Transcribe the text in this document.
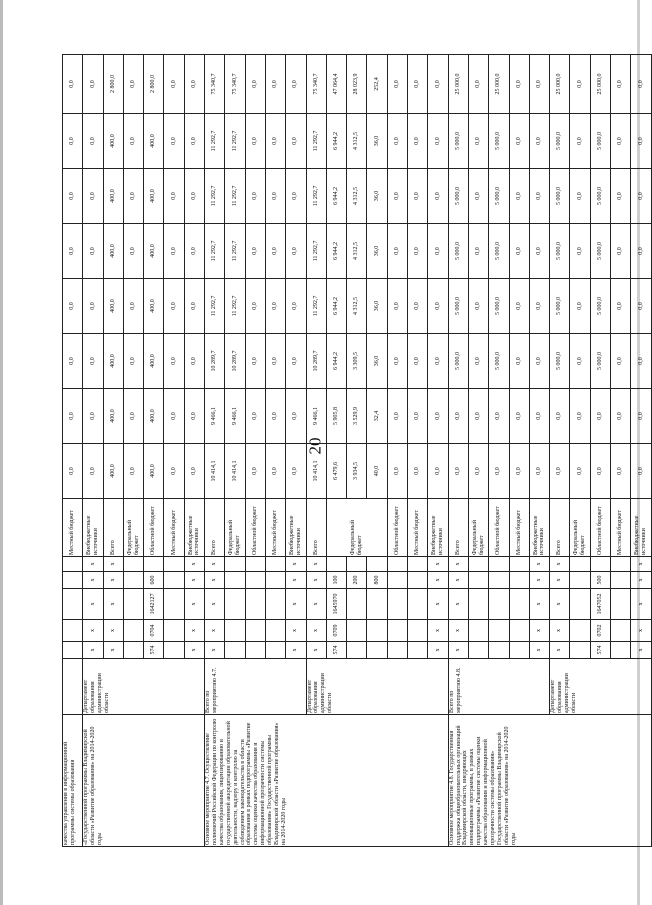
20
качества управления в информационной программы системы образования							Местный бюджет	0,0	0,0	0,0	0,0	0,0	0,0	0,0	0,0
«Государственной программы Владимирской области «Развитие образования» на 2014-2020 годы	Департамент образования администрации области	х	х	х	х	х	Внебюджетные источники	0,0	0,0	0,0	0,0	0,0	0,0	0,0	0,0
		х	х	х	х	х	Всего	400,0	400,0	400,0	400,0	400,0	400,0	400,0	2 800,0
							Федеральный бюджет	0,0	0,0	0,0	0,0	0,0	0,0	0,0	0,0
		574	0704	1642127	600		Областной бюджет	400,0	400,0	400,0	400,0	400,0	400,0	400,0	2 800,0
							Местный бюджет	0,0	0,0	0,0	0,0	0,0	0,0	0,0	0,0
		х	х	х	х	х	Внебюджетные источники	0,0	0,0	0,0	0,0	0,0	0,0	0,0	0,0
Основное мероприятие 4.7. Осуществление полномочий Российской Федерации по контролю качества образования, лицензированию и государственной аккредитации образовательной деятельности, надзору и контролю за соблюдением законодательства в области образования в рамках подпрограммы «Развитие системы оценки качества образования и информационной прозрачности системы образования» Государственной программы Владимирской области «Развитие образования» на 2014-2020 годы	Всего по мероприятию 4.7.	х	х	х	х	х	Всего	10 414,1	9 466,1	10 289,7	11 292,7	11 292,7	11 292,7	11 292,7	75 340,7
							Федеральный бюджет	10 414,1	9 466,1	10 289,7	11 292,7	11 292,7	11 292,7	11 292,7	75 340,7
							Областной бюджет	0,0	0,0	0,0	0,0	0,0	0,0	0,0	0,0
							Местный бюджет	0,0	0,0	0,0	0,0	0,0	0,0	0,0	0,0
		х	х	х	х	х	Внебюджетные источники	0,0	0,0	0,0	0,0	0,0	0,0	0,0	0,0
	Департамент образования администрации области	х	х	х	х	х	Всего	10 414,1	9 466,1	10 289,7	11 292,7	11 292,7	11 292,7	11 292,7	75 340,7
		574	0709	1645970	100		Федеральный бюджет	6 479,6	5 905,8	6 944,2	6 944,2	6 944,2	6 944,2	6 944,2	47 064,4
					200			3 934,5	3 529,9	3 309,5	4 312,5	4 312,5	4 312,5	4 312,5	28 023,9
					800			40,0	32,4	36,0	36,0	36,0	36,0	36,0	252,4
							Областной бюджет	0,0	0,0	0,0	0,0	0,0	0,0	0,0	0,0
							Местный бюджет	0,0	0,0	0,0	0,0	0,0	0,0	0,0	0,0
		х	х	х	х	х	Внебюджетные источники	0,0	0,0	0,0	0,0	0,0	0,0	0,0	0,0
Основное мероприятие 4.8. Государственная поддержка общеобразовательных организаций Владимирской области, внедряющих инновационные программы, в рамках подпрограммы «Развитие системы оценки качества образования и информационной прозрачности системы образования» Государственной программы Владимирской области «Развитие образования» на 2014-2020 годы	Всего по мероприятию 4.8.	х	х	х	х	х	Всего	0,0	0,0	5 000,0	5 000,0	5 000,0	5 000,0	5 000,0	25 000,0
							Федеральный бюджет	0,0	0,0	0,0	0,0	0,0	0,0	0,0	0,0
							Областной бюджет	0,0	0,0	5 000,0	5 000,0	5 000,0	5 000,0	5 000,0	25 000,0
							Местный бюджет	0,0	0,0	0,0	0,0	0,0	0,0	0,0	0,0
		х	х	х	х	х	Внебюджетные источники	0,0	0,0	0,0	0,0	0,0	0,0	0,0	0,0
	Департамент образования администрации области	х	х	х	х	х	Всего	0,0	0,0	5 000,0	5 000,0	5 000,0	5 000,0	5 000,0	25 000,0
							Федеральный бюджет	0,0	0,0	0,0	0,0	0,0	0,0	0,0	0,0
		574	0702	1647052	500		Областной бюджет	0,0	0,0	5 000,0	5 000,0	5 000,0	5 000,0	5 000,0	25 000,0
							Местный бюджет	0,0	0,0	0,0	0,0	0,0	0,0	0,0	0,0
		х	х	х	х	х	Внебюджетные источники	0,0	0,0	0,0	0,0	0,0	0,0	0,0	0,0
